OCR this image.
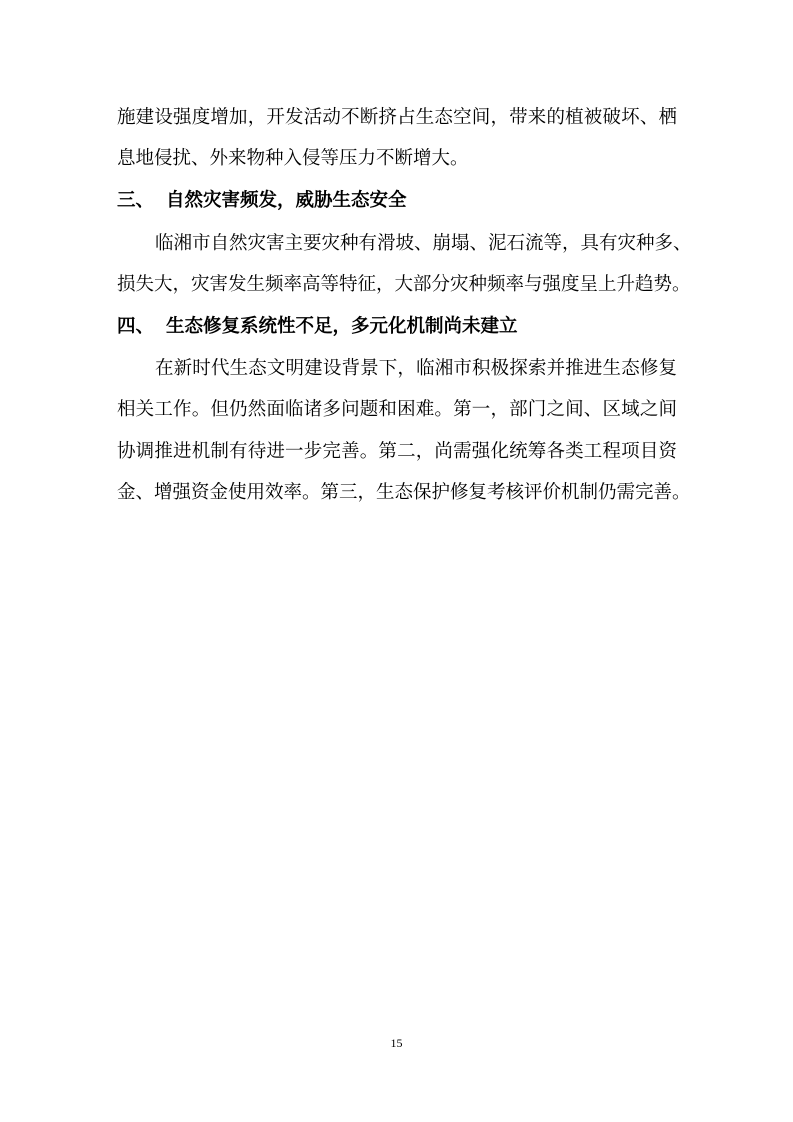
施建设强度增加，开发活动不断挤占生态空间，带来的植被破坏、栖
息地侵扰、外来物种入侵等压力不断增大。
三、 自然灾害频发，威胁生态安全
临湘市自然灾害主要灾种有滑坡、崩塌、泥石流等，具有灾种多、
损失大，灾害发生频率高等特征，大部分灾种频率与强度呈上升趋势。
四、 生态修复系统性不足，多元化机制尚未建立
在新时代生态文明建设背景下，临湘市积极探索并推进生态修复
相关工作。但仍然面临诸多问题和困难。第一，部门之间、区域之间
协调推进机制有待进一步完善。第二，尚需强化统筹各类工程项目资
金、增强资金使用效率。第三，生态保护修复考核评价机制仍需完善。
15
